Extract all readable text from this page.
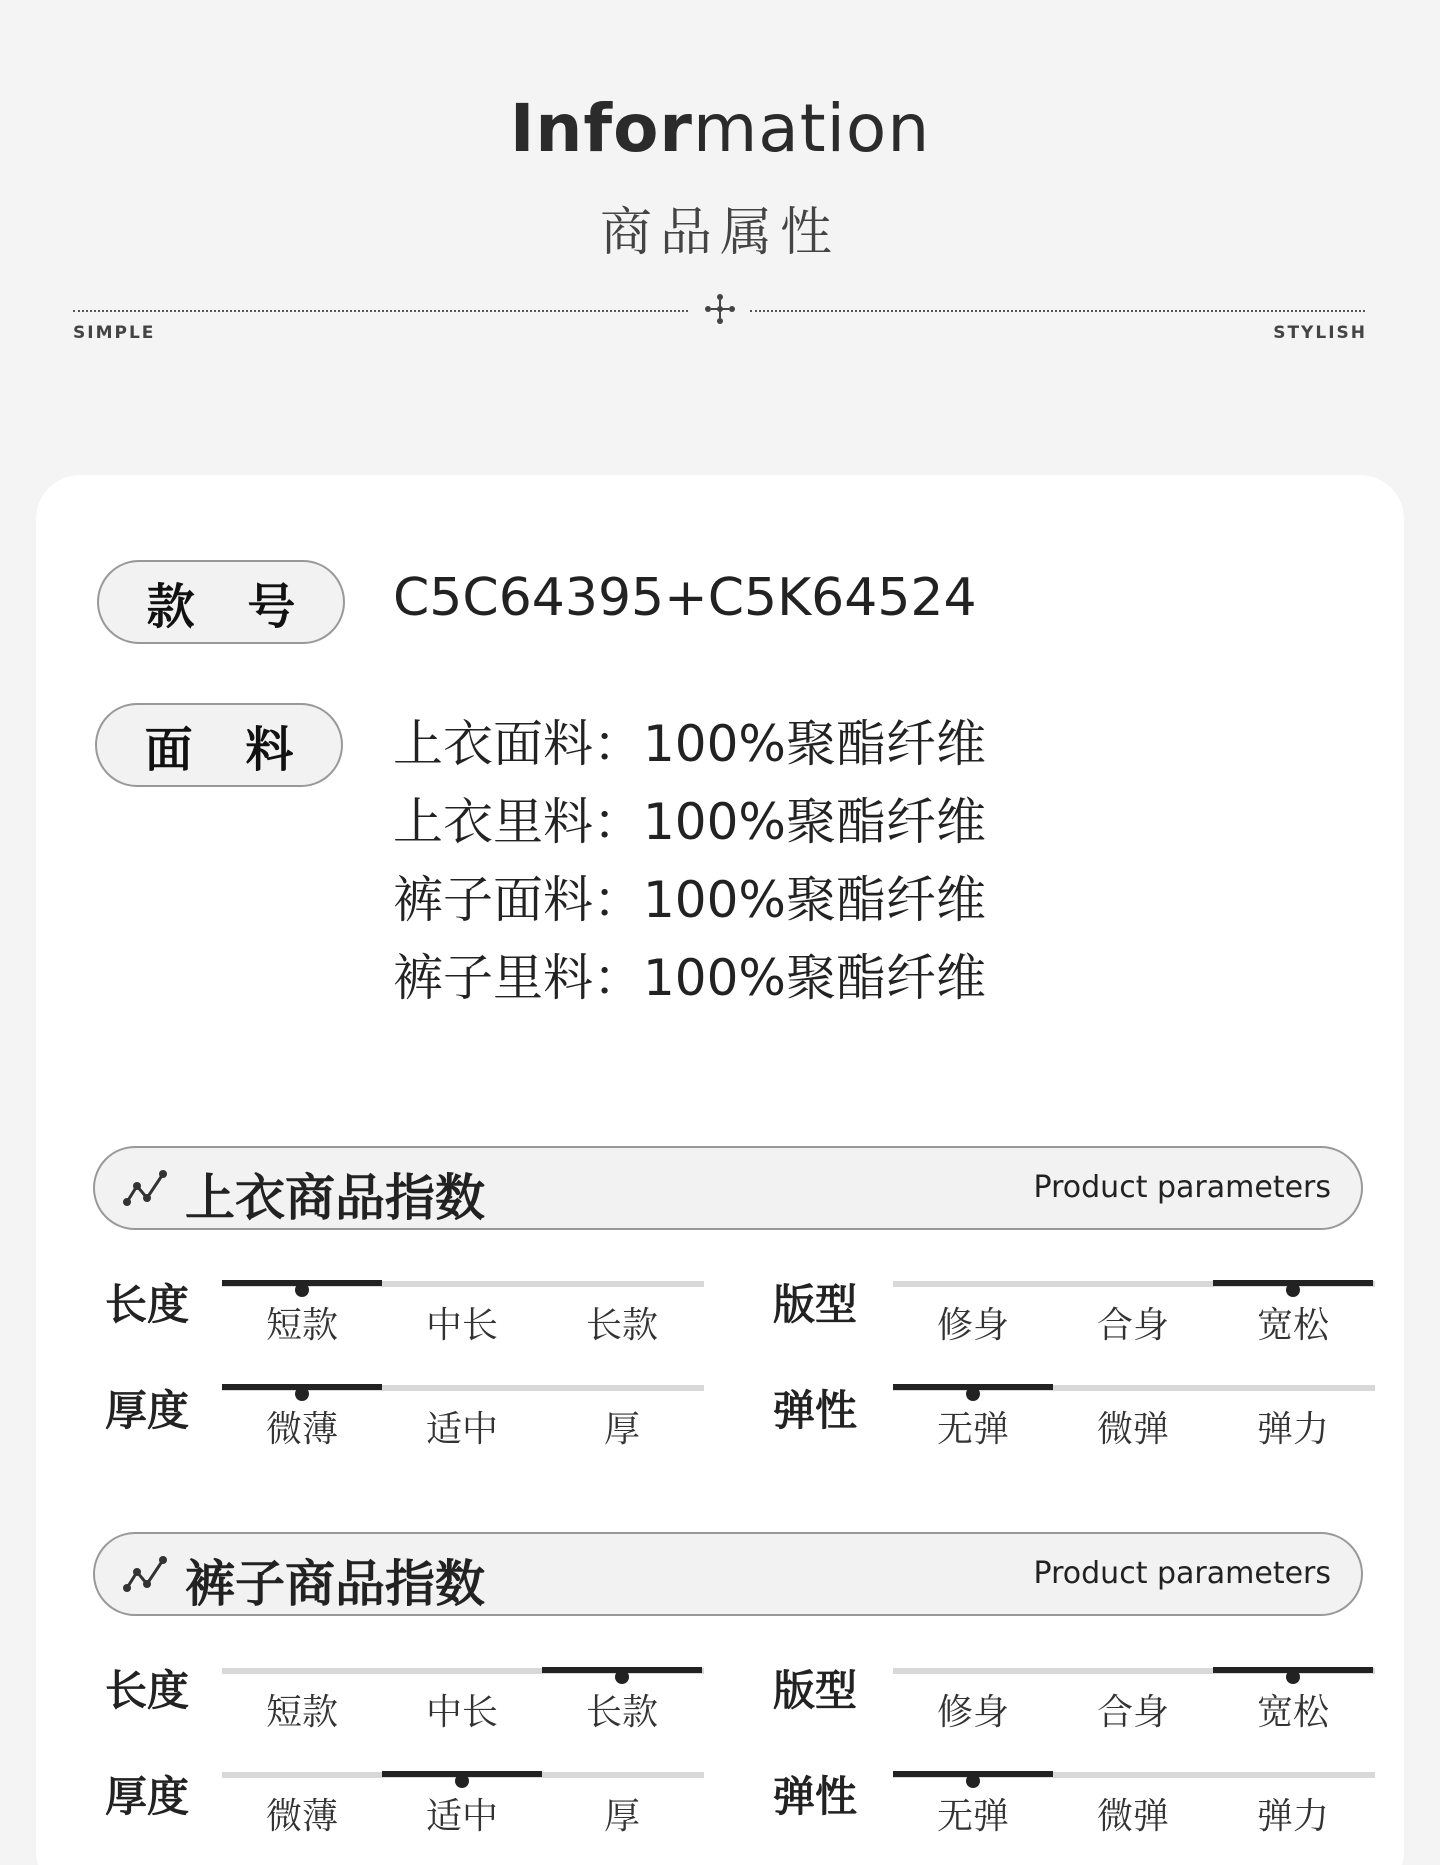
Information
商品属性
SIMPLE	STYLISH
款 号	C5C64395+C5K64524
面 料	上衣面料：100%聚酯纤维
上衣里料：100%聚酯纤维
裤子面料：100%聚酯纤维
裤子里料：100%聚酯纤维
上衣商品指数	Product parameters
长度	短款	中长	长款	版型	修身	合身	宽松
厚度	微薄	适中	厚	弹性	无弹	微弹	弹力
裤子商品指数	Product parameters
长度	短款	中长	长款	版型	修身	合身	宽松
厚度	微薄	适中	厚	弹性	无弹	微弹	弹力
